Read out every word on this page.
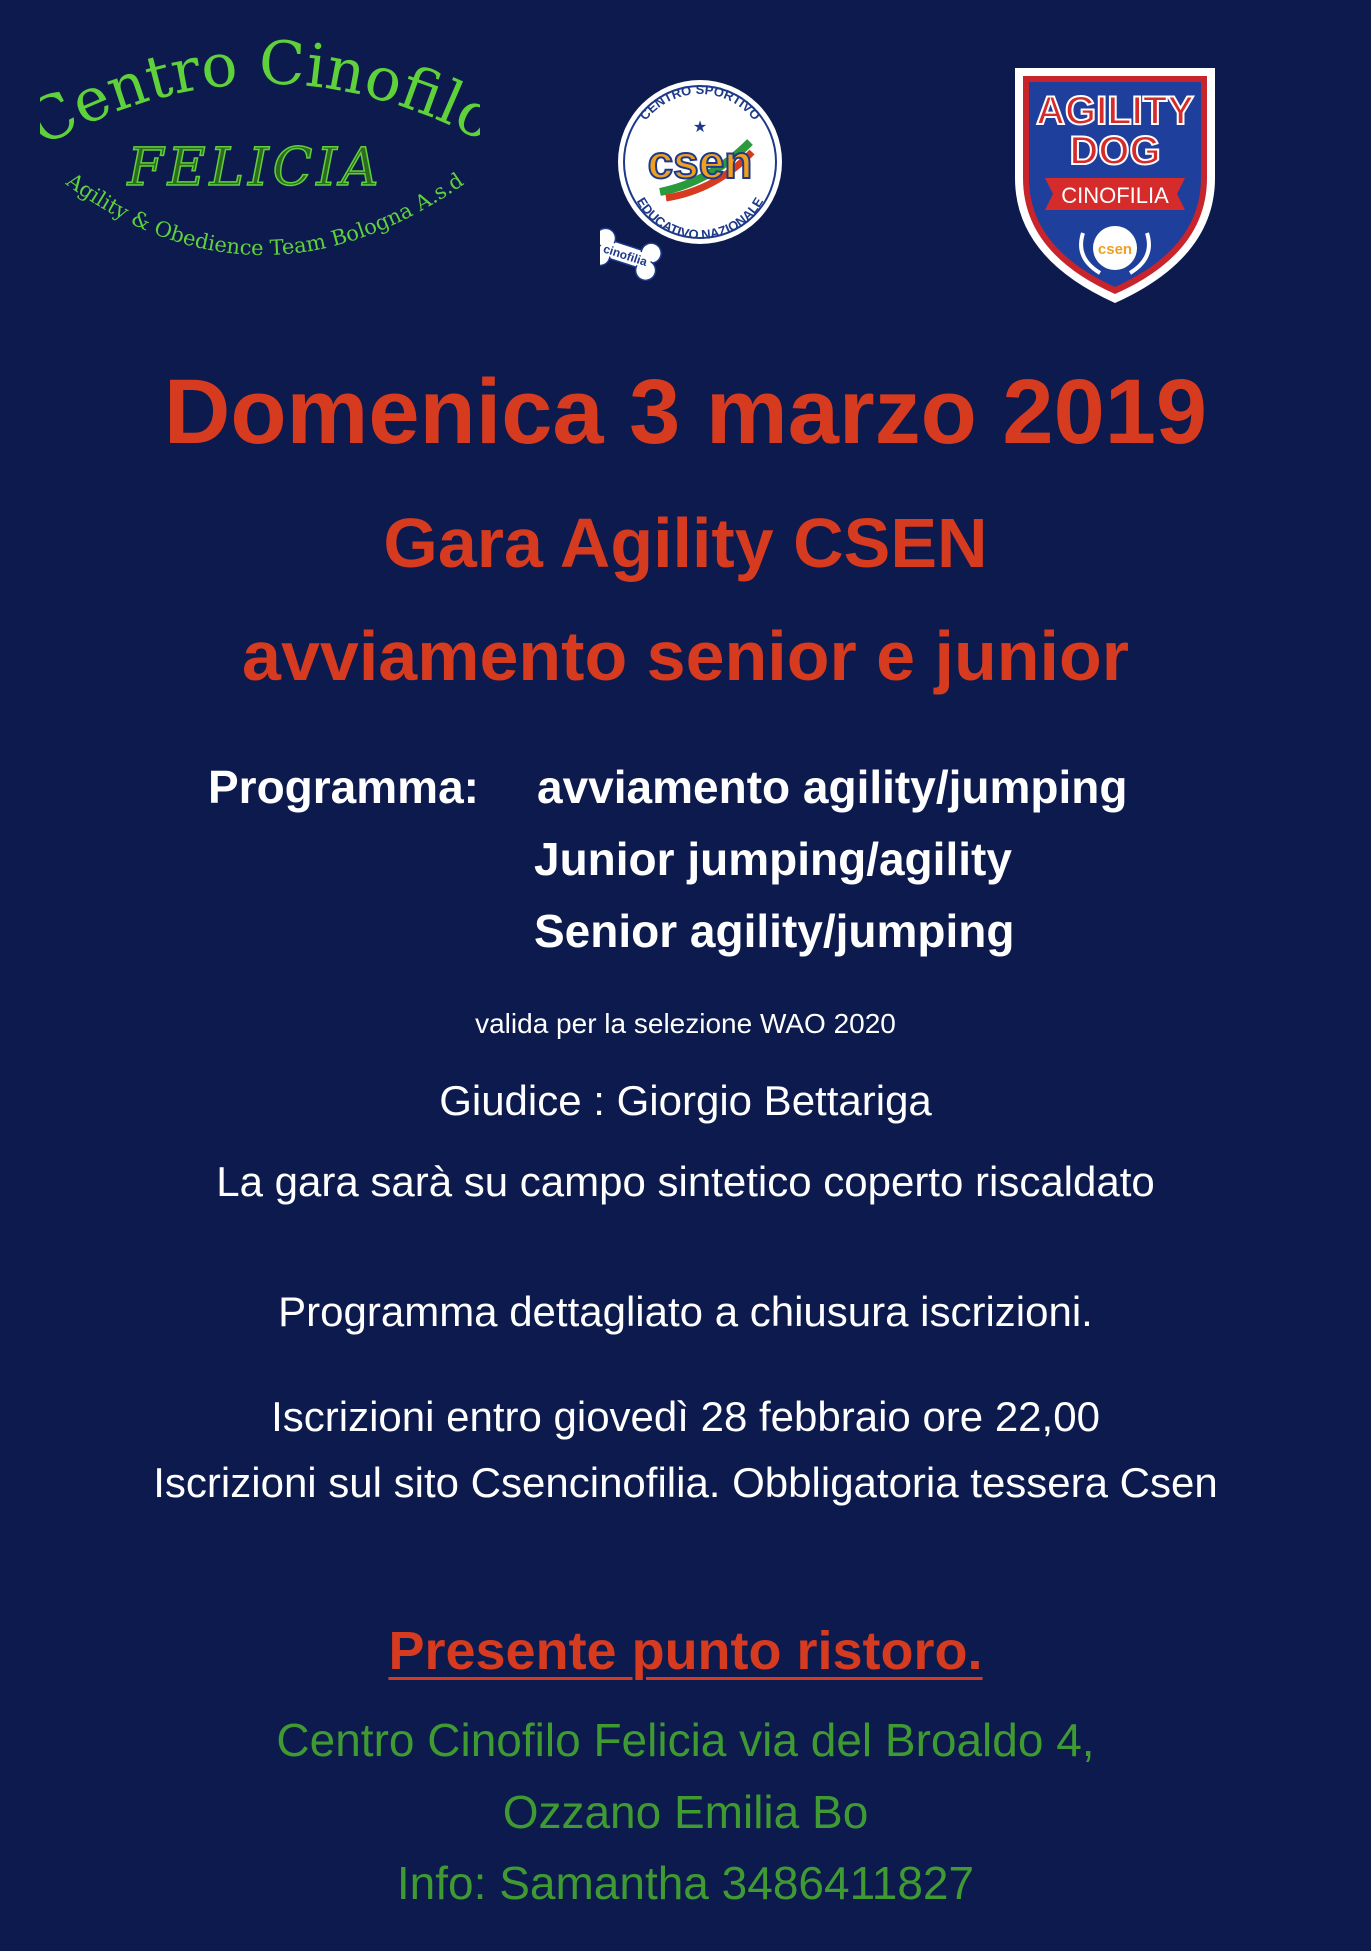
entro Cinofilo
FELICIA
Agility & Obedience Team Bologna A.s.d
CENTRO SPORTIVO
★
csen
EDUCATIVO NAZIONALE
cinofilia
AGILITY
DOG
CINOFILIA
csen
Domenica 3 marzo 2019
Gara Agility CSEN
avviamento senior e junior
Programma: avviamento agility/jumping
Junior jumping/agility
Senior agility/jumping
valida per la selezione WAO 2020
Giudice : Giorgio Bettariga
La gara sarà su campo sintetico coperto riscaldato
Programma dettagliato a chiusura iscrizioni.
Iscrizioni entro giovedì 28 febbraio ore 22,00
Iscrizioni sul sito Csencinofilia. Obbligatoria tessera Csen
Presente punto ristoro.
Centro Cinofilo Felicia via del Broaldo 4,
Ozzano Emilia Bo
Info: Samantha 3486411827
